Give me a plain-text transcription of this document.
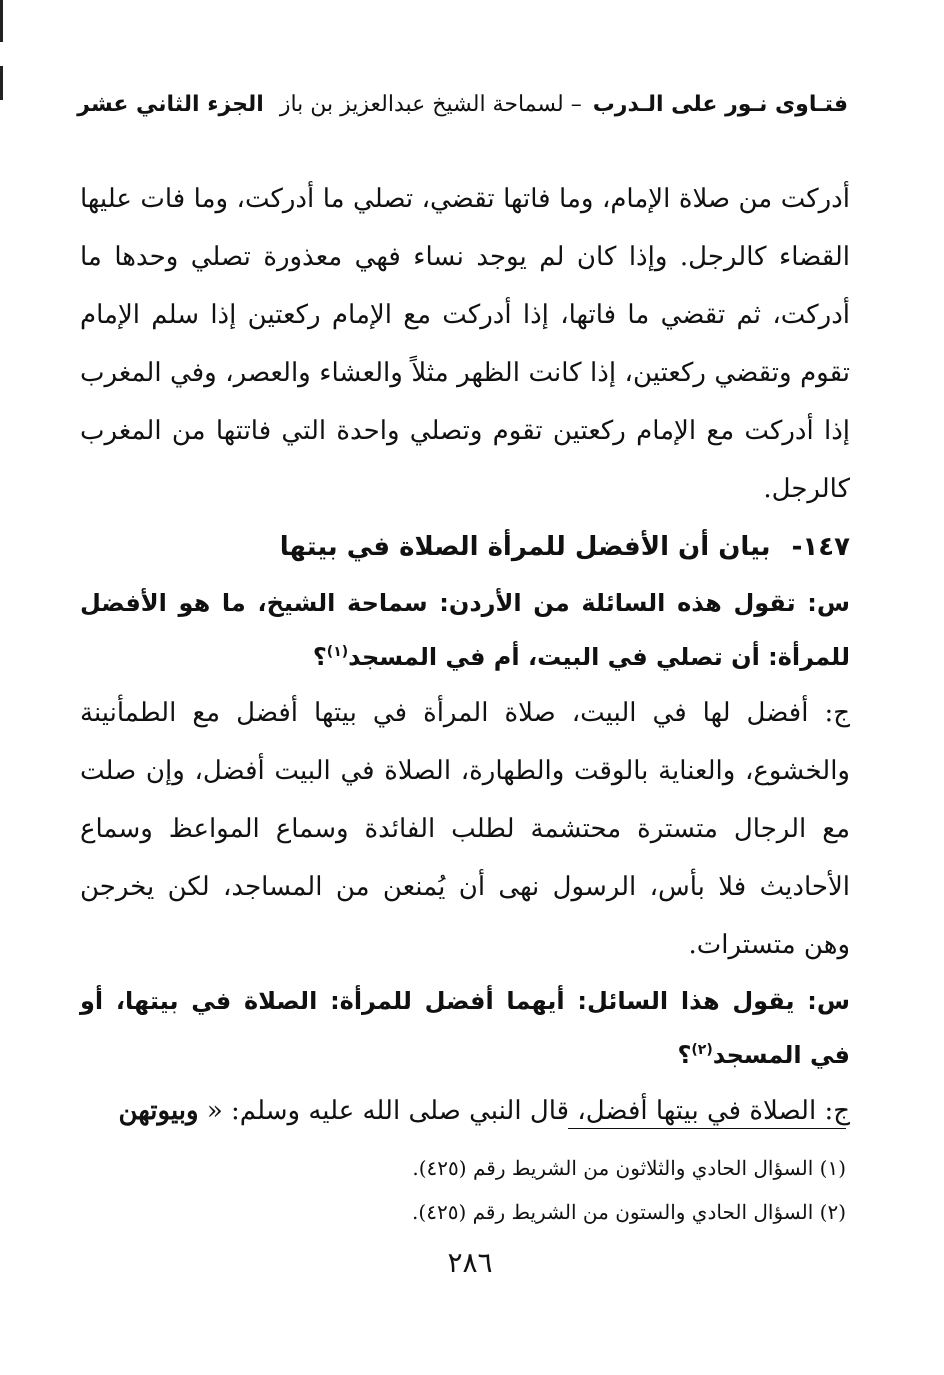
فتـاوى نـور على الـدرب – لسماحة الشيخ عبدالعزيز بن باز
الجزء الثاني عشر

أدركت من صلاة الإمام، وما فاتها تقضي، تصلي ما أدركت، وما فات عليها القضاء كالرجل. وإذا كان لم يوجد نساء فهي معذورة تصلي وحدها ما أدركت، ثم تقضي ما فاتها، إذا أدركت مع الإمام ركعتين إذا سلم الإمام تقوم وتقضي ركعتين، إذا كانت الظهر مثلاً والعشاء والعصر، وفي المغرب إذا أدركت مع الإمام ركعتين تقوم وتصلي واحدة التي فاتتها من المغرب كالرجل.

١٤٧- بيان أن الأفضل للمرأة الصلاة في بيتها

س: تقول هذه السائلة من الأردن: سماحة الشيخ، ما هو الأفضل للمرأة: أن تصلي في البيت، أم في المسجد$^{(١)}$؟

ج: أفضل لها في البيت، صلاة المرأة في بيتها أفضل مع الطمأنينة والخشوع، والعناية بالوقت والطهارة، الصلاة في البيت أفضل، وإن صلت مع الرجال متسترة محتشمة لطلب الفائدة وسماع المواعظ وسماع الأحاديث فلا بأس، الرسول نهى أن يُمنعن من المساجد، لكن يخرجن وهن متسترات.

س: يقول هذا السائل: أيهما أفضل للمرأة: الصلاة في بيتها، أو في المسجد$^{(٢)}$؟

ج: الصلاة في بيتها أفضل، قال النبي صلى الله عليه وسلم: « وبيوتهن

(١) السؤال الحادي والثلاثون من الشريط رقم (٤٢٥).
(٢) السؤال الحادي والستون من الشريط رقم (٤٢٥).
٢٨٦
